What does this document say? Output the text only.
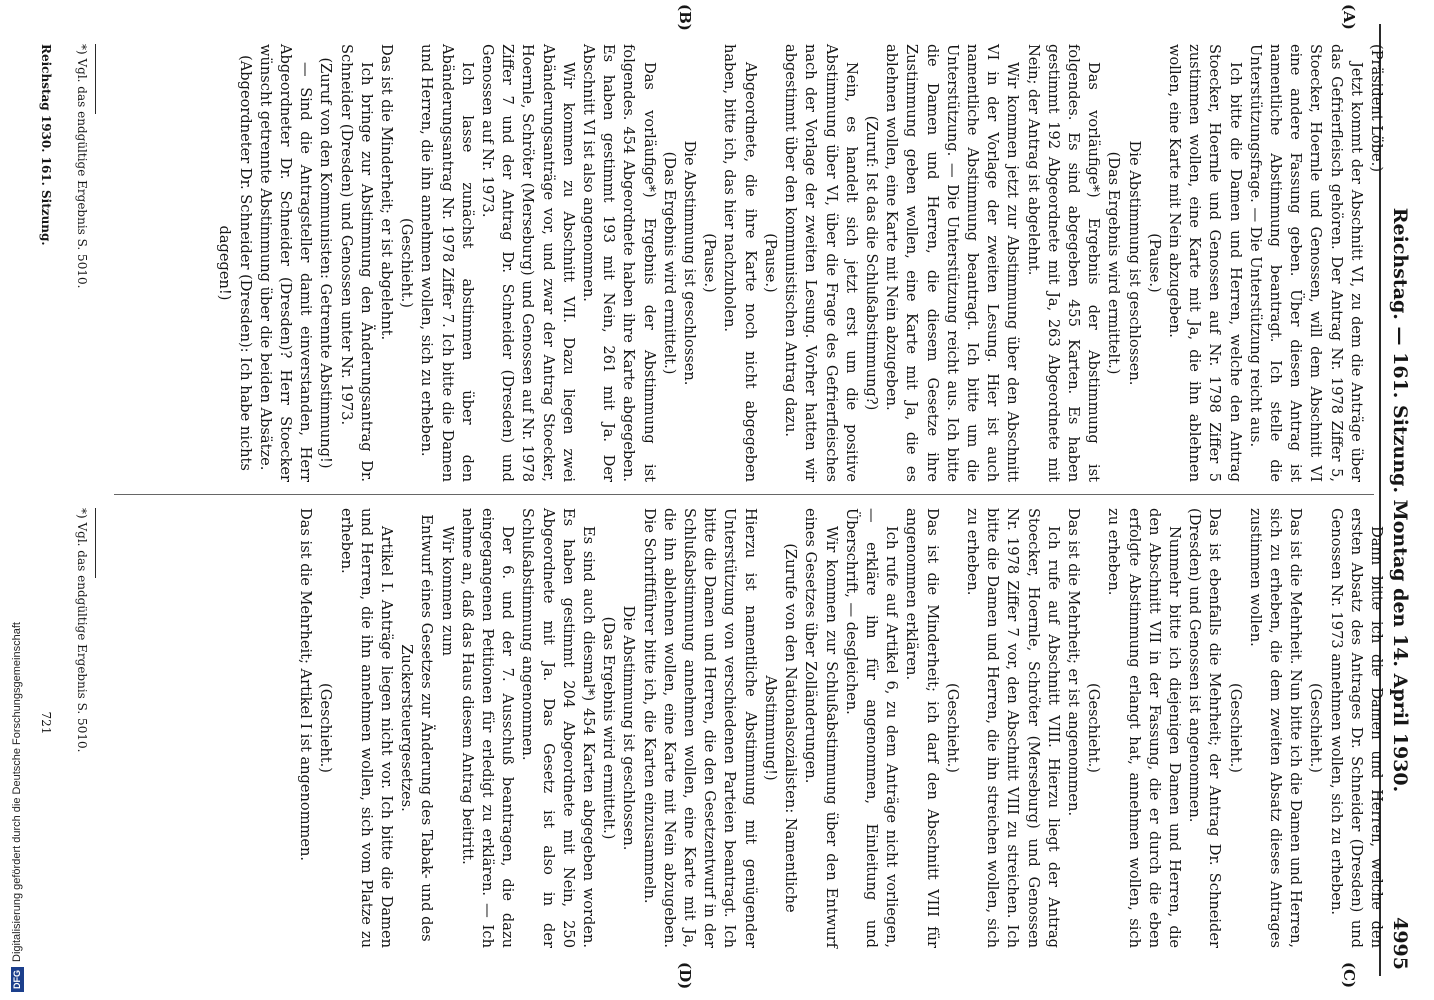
DFGDigitalisierung gefördert durch die Deutsche Forschungsgemeinschaft	Reichstag. — 161. Sitzung. Montag den 14. April 1930.
4995
(A)
(B)
(C)
(D)

(Präsident Löbe.)

Jetzt kommt der Abschnitt VI, zu dem die Anträge über das Gefrierfleisch gehören. Der Antrag Nr. 1978 Ziffer 5, Stoecker, Hoernle und Genossen, will dem Abschnitt VI eine andere Fassung geben. Über diesen Antrag ist namentliche Abstimmung beantragt. Ich stelle die Unterstützungsfrage. — Die Unterstützung reicht aus.

Ich bitte die Damen und Herren, welche den Antrag Stoecker, Hoernle und Genossen auf Nr. 1798 Ziffer 5 zustimmen wollen, eine Karte mit Ja, die ihn ablehnen wollen, eine Karte mit Nein abzugeben.

(Pause.)

Die Abstimmung ist geschlossen.

(Das Ergebnis wird ermittelt.)

Das vorläufige*) Ergebnis der Abstimmung ist folgendes. Es sind abgegeben 455 Karten. Es haben gestimmt 192 Abgeordnete mit Ja, 263 Abgeordnete mit Nein; der Antrag ist abgelehnt.

Wir kommen jetzt zur Abstimmung über den Abschnitt VI in der Vorlage der zweiten Lesung. Hier ist auch namentliche Abstimmung beantragt. Ich bitte um die Unterstützung. — Die Unterstützung reicht aus. Ich bitte die Damen und Herren, die diesem Gesetze ihre Zustimmung geben wollen, eine Karte mit Ja, die es ablehnen wollen, eine Karte mit Nein abzugeben.

(Zuruf: Ist das die Schlußabstimmung?)

Nein, es handelt sich jetzt erst um die positive Abstimmung über VI, über die Frage des Gefrierfleisches nach der Vorlage der zweiten Lesung. Vorher hatten wir abgestimmt über den kommunistischen Antrag dazu.

(Pause.)

Abgeordnete, die ihre Karte noch nicht abgegeben haben, bitte ich, das hier nachzuholen.

(Pause.)

Die Abstimmung ist geschlossen.

(Das Ergebnis wird ermittelt.)

Das vorläufige*) Ergebnis der Abstimmung ist folgendes. 454 Abgeordnete haben ihre Karte abgegeben. Es haben gestimmt 193 mit Nein, 261 mit Ja. Der Abschnitt VI ist also angenommen.

Wir kommen zu Abschnitt VII. Dazu liegen zwei Abänderungsanträge vor, und zwar der Antrag Stoecker, Hoernle, Schröter (Merseburg) und Genossen auf Nr. 1978 Ziffer 7 und der Antrag Dr. Schneider (Dresden) und Genossen auf Nr. 1973.

Ich lasse zunächst abstimmen über den Abänderungsantrag Nr. 1978 Ziffer 7. Ich bitte die Damen und Herren, die ihn annehmen wollen, sich zu erheben.

(Geschieht.)

Das ist die Minderheit; er ist abgelehnt.

Ich bringe zur Abstimmung den Änderungsantrag Dr. Schneider (Dresden) und Genossen unter Nr. 1973.

(Zuruf von den Kommunisten: Getrennte Abstimmung!)

— Sind die Antragsteller damit einverstanden, Herr Abgeordneter Dr. Schneider (Dresden)? Herr Stoecker wünscht getrennte Abstimmung über die beiden Absätze.

(Abgeordneter Dr. Schneider (Dresden): Ich habe nichts dagegen!)

Dann bitte ich die Damen und Herren, welche den ersten Absatz des Antrages Dr. Schneider (Dresden) und Genossen Nr. 1973 annehmen wollen, sich zu erheben.

(Geschieht.)

Das ist die Mehrheit. Nun bitte ich die Damen und Herren, sich zu erheben, die dem zweiten Absatz dieses Antrages zustimmen wollen.

(Geschieht.)

Das ist ebenfalls die Mehrheit; der Antrag Dr. Schneider (Dresden) und Genossen ist angenommen.

Nunmehr bitte ich diejenigen Damen und Herren, die den Abschnitt VII in der Fassung, die er durch die eben erfolgte Abstimmung erlangt hat, annehmen wollen, sich zu erheben.

(Geschieht.)

Das ist die Mehrheit; er ist angenommen.

Ich rufe auf Abschnitt VIII. Hierzu liegt der Antrag Stoecker, Hoernle, Schröter (Merseburg) und Genossen Nr. 1978 Ziffer 7 vor, den Abschnitt VIII zu streichen. Ich bitte die Damen und Herren, die ihn streichen wollen, sich zu erheben.

(Geschieht.)

Das ist die Minderheit; ich darf den Abschnitt VIII für angenommen erklären.

Ich rufe auf Artikel 6, zu dem Anträge nicht vorliegen, — erkläre ihn für angenommen, Einleitung und Überschrift, — desgleichen.

Wir kommen zur Schlußabstimmung über den Entwurf eines Gesetzes über Zolländerungen.

(Zurufe von den Nationalsozialisten: Namentliche Abstimmung!)

Hierzu ist namentliche Abstimmung mit genügender Unterstützung von verschiedenen Parteien beantragt. Ich bitte die Damen und Herren, die den Gesetzentwurf in der Schlußabstimmung annehmen wollen, eine Karte mit Ja, die ihn ablehnen wollen, eine Karte mit Nein abzugeben. Die Schriftführer bitte ich, die Karten einzusammeln.

Die Abstimmung ist geschlossen.

(Das Ergebnis wird ermittelt.)

Es sind auch diesmal*) 454 Karten abgegeben worden. Es haben gestimmt 204 Abgeordnete mit Nein, 250 Abgeordnete mit Ja. Das Gesetz ist also in der Schlußabstimmung angenommen.

Der 6. und der 7. Ausschuß beantragen, die dazu eingegangenen Petitionen für erledigt zu erklären. — Ich nehme an, daß das Haus diesem Antrag beitritt.

Wir kommen zum

Entwurf eines Gesetzes zur Änderung des Tabak- und des Zuckersteuergesetzes.

Artikel I. Anträge liegen nicht vor. Ich bitte die Damen und Herren, die ihn annehmen wollen, sich vom Platze zu erheben.

(Geschieht.)

Das ist die Mehrheit; Artikel I ist angenommen.

*) Vgl. das endgültige Ergebnis S. 5010.
Reichstag 1930. 161. Sitzung.
*) Vgl. das endgültige Ergebnis S. 5010.
721
